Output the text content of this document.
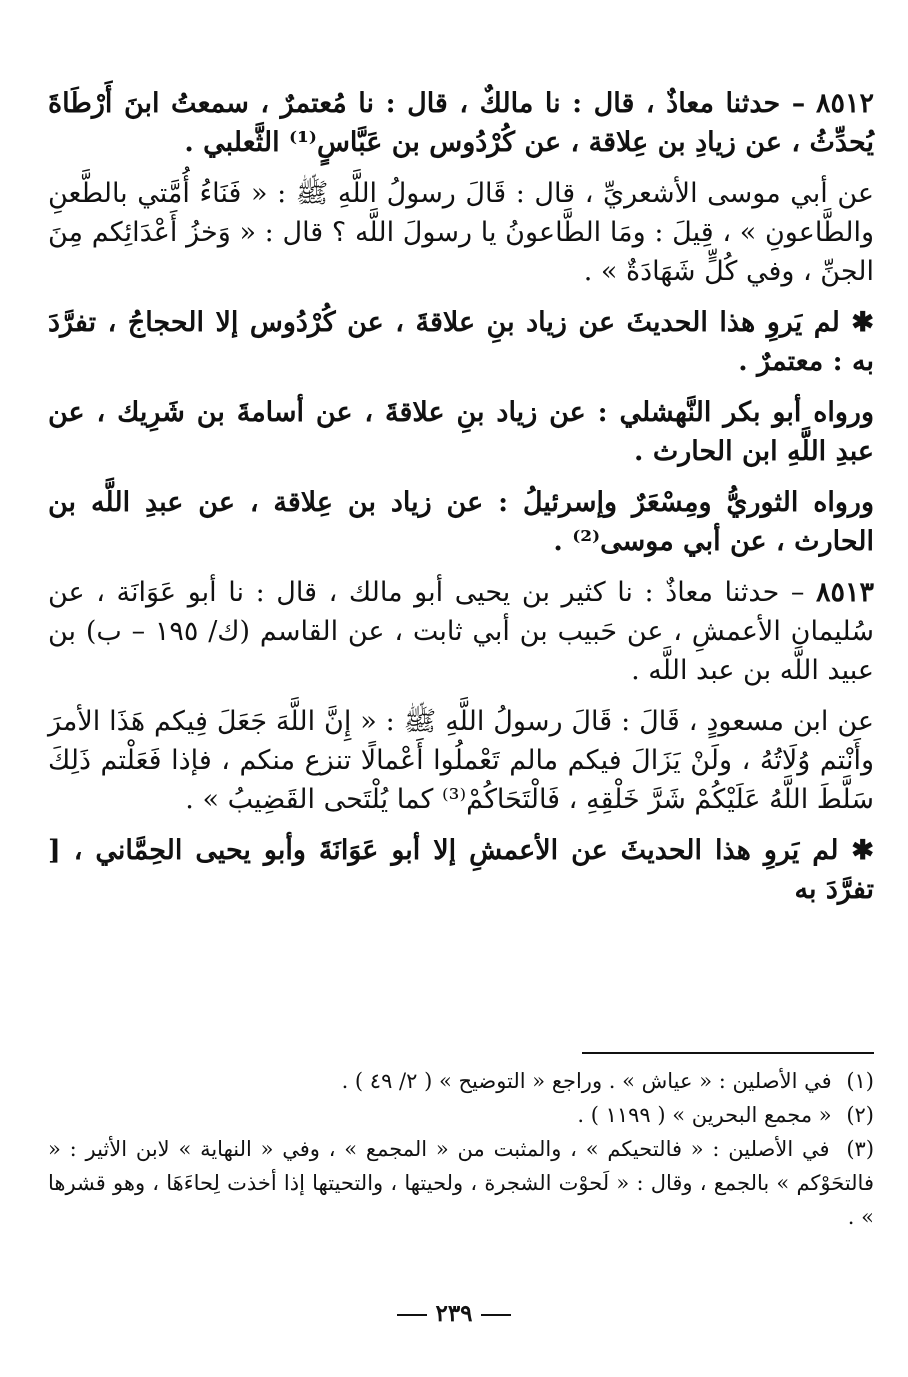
٨٥١٢ – حدثنا معاذٌ ، قال : نا مالكٌ ، قال : نا مُعتمرٌ ، سمعتُ ابنَ أَرْطَاةَ يُحدِّثُ ، عن زيادِ بن عِلاقة ، عن كُرْدُوس بن عَبَّاسٍ⁽¹⁾ الثَّعلبي .

عن أبي موسى الأشعريِّ ، قال : قَالَ رسولُ اللَّهِ ﷺ : « فَنَاءُ أُمَّتي بالطَّعنِ والطَّاعونِ » ، قِيلَ : ومَا الطَّاعونُ يا رسولَ اللَّه ؟ قال : « وَخزُ أَعْدَائِكم مِنَ الجنِّ ، وفي كُلٍّ شَهَادَةٌ » .

✱ لم يَروِ هذا الحديثَ عن زياد بنِ علاقةَ ، عن كُرْدُوس إلا الحجاجُ ، تفرَّدَ به : معتمرٌ .

ورواه أبو بكر النَّهشلي : عن زياد بنِ علاقةَ ، عن أسامةَ بن شَرِيك ، عن عبدِ اللَّهِ ابن الحارث .

ورواه الثوريُّ ومِسْعَرٌ وإسرئيلُ : عن زياد بن عِلاقة ، عن عبدِ اللَّه بن الحارث ، عن أبي موسى⁽²⁾ .

٨٥١٣ – حدثنا معاذٌ : نا كثير بن يحيى أبو مالك ، قال : نا أبو عَوَانَة ، عن سُليمان الأعمشِ ، عن حَبيب بن أبي ثابت ، عن القاسم (ك/ ١٩٥ – ب) بن عبيد اللَّه بن عبد اللَّه .

عن ابن مسعودٍ ، قَالَ : قَالَ رسولُ اللَّهِ ﷺ : « إِنَّ اللَّهَ جَعَلَ فِيكم هَذَا الأمرَ وأَنْتم وُلَاتُهُ ، ولَنْ يَزَالَ فيكم مالم تَعْملُوا أَعْمالًا تنزع منكم ، فإذا فَعَلْتم ذَلِكَ سَلَّطَ اللَّهُ عَلَيْكُمْ شَرَّ خَلْقِهِ ، فَالْتَحَاكُمْ⁽³⁾ كما يُلْتَحى القَضِيبُ » .

✱ لم يَروِ هذا الحديثَ عن الأعمشِ إلا أبو عَوَانَةَ وأبو يحيى الحِمَّاني ، [ تفرَّدَ به

(١) في الأصلين : « عياش » . وراجع « التوضيح » ( ٢/ ٤٩ ) .

(٢) « مجمع البحرين » ( ١١٩٩ ) .

(٣) في الأصلين : « فالتحيكم » ، والمثبت من « المجمع » ، وفي « النهاية » لابن الأثير : « فالتحَوْكم » بالجمع ، وقال : « لَحوْت الشجرة ، ولحيتها ، والتحيتها إذا أخذت لِحاءَهَا ، وهو قشرها » .

٢٣٩
